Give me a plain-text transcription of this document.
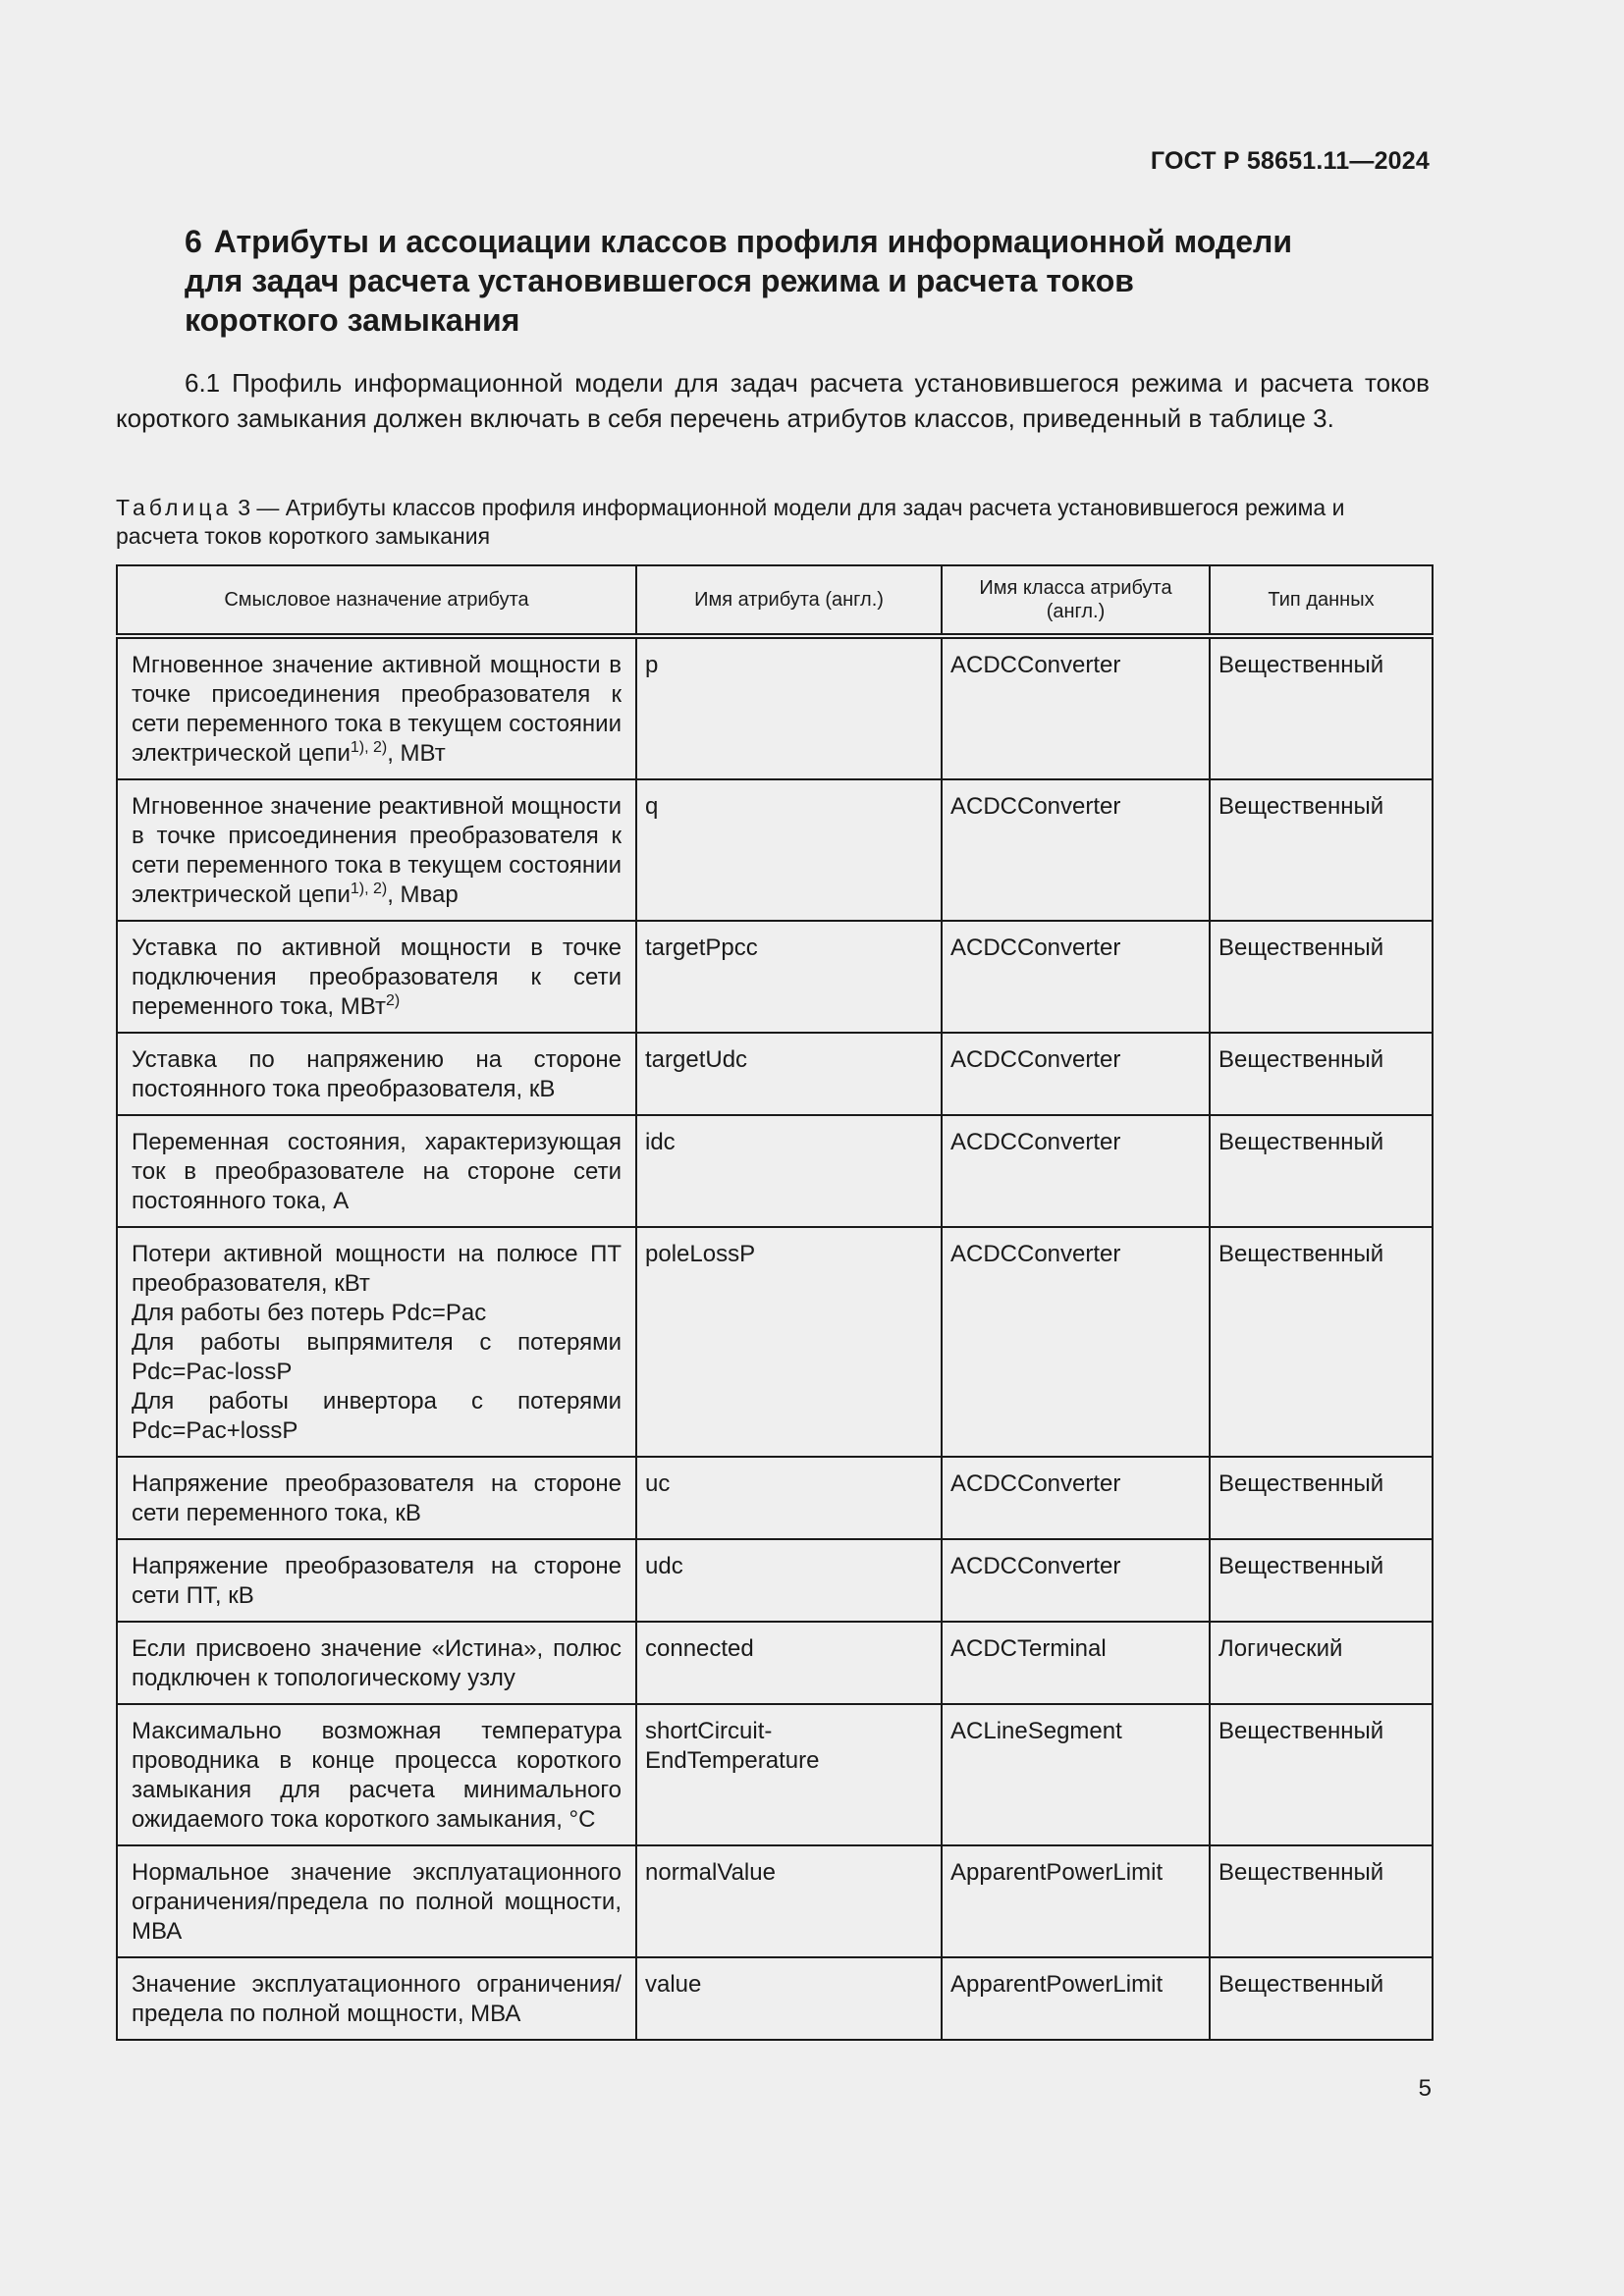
ГОСТ Р 58651.11—2024
6 Атрибуты и ассоциации классов профиля информационной модели
для задач расчета установившегося режима и расчета токов
короткого замыкания

6.1 Профиль информационной модели для задач расчета установившегося режима и расчета токов короткого замыкания должен включать в себя перечень атрибутов классов, приведенный в таблице 3.

Таблица 3 — Атрибуты классов профиля информационной модели для задач расчета установившегося режима и расчета токов короткого замыкания

Смысловое назначение атрибута	Имя атрибута (англ.)	Имя класса атрибута (англ.)	Тип данных
Мгновенное значение активной мощности в точке присоединения преобразователя к сети переменного тока в текущем состоянии электрической цепи$^{1), 2)}$, МВт	p	ACDCConverter	Вещественный
Мгновенное значение реактивной мощности в точке присоединения преобразователя к сети переменного тока в текущем состоянии электрической цепи$^{1), 2)}$, Мвар	q	ACDCConverter	Вещественный
Уставка по активной мощности в точке подключения преобразователя к сети переменного тока, МВт$^{2)}$	targetPpcc	ACDCConverter	Вещественный
Уставка по напряжению на стороне постоянного тока преобразователя, кВ	targetUdc	ACDCConverter	Вещественный
Переменная состояния, характеризующая ток в преобразователе на стороне сети постоянного тока, А	idc	ACDCConverter	Вещественный
Потери активной мощности на полюсе ПТ преобразователя, кВт
Для работы без потерь Pdc=Pac
Для работы выпрямителя с потерями Pdc=Pac-lossP
Для работы инвертора с потерями Pdc=Pac+lossP	poleLossP	ACDCConverter	Вещественный
Напряжение преобразователя на стороне сети переменного тока, кВ	uc	ACDCConverter	Вещественный
Напряжение преобразователя на стороне сети ПТ, кВ	udc	ACDCConverter	Вещественный
Если присвоено значение «Истина», полюс подключен к топологическому узлу	connected	ACDCTerminal	Логический
Максимально возможная температура проводника в конце процесса короткого замыкания для расчета минимального ожидаемого тока короткого замыкания, °С	shortCircuit-EndTemperature	ACLineSegment	Вещественный
Нормальное значение эксплуатационного ограничения/предела по полной мощности, МВА	normalValue	ApparentPowerLimit	Вещественный
Значение эксплуатационного ограничения/предела по полной мощности, МВА	value	ApparentPowerLimit	Вещественный
5
